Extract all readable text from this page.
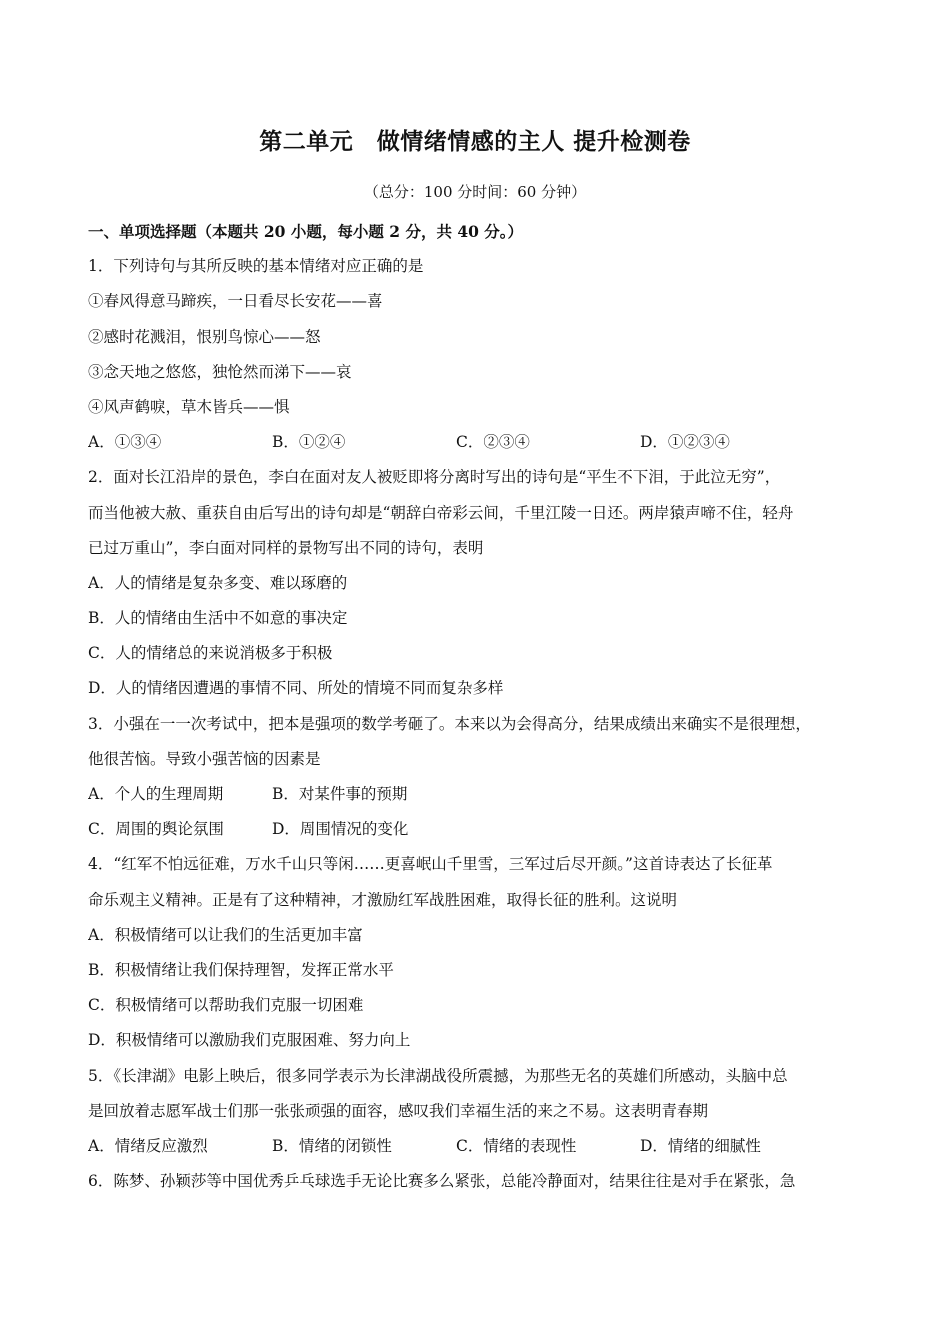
第二单元　做情绪情感的主人 提升检测卷
（总分：100 分时间：60 分钟）
一、单项选择题（本题共 20 小题，每小题 2 分，共 40 分。）
1．下列诗句与其所反映的基本情绪对应正确的是
①春风得意马蹄疾，一日看尽长安花——喜
②感时花溅泪，恨别鸟惊心——怒
③念天地之悠悠，独怆然而涕下——哀
④风声鹤唳，草木皆兵——惧
A．①③④	B．①②④	C．②③④	D．①②③④
2．面对长江沿岸的景色，李白在面对友人被贬即将分离时写出的诗句是“平生不下泪，于此泣无穷”，
而当他被大赦、重获自由后写出的诗句却是“朝辞白帝彩云间，千里江陵一日还。两岸猿声啼不住，轻舟
已过万重山”，李白面对同样的景物写出不同的诗句，表明
A．人的情绪是复杂多变、难以琢磨的
B．人的情绪由生活中不如意的事决定
C．人的情绪总的来说消极多于积极
D．人的情绪因遭遇的事情不同、所处的情境不同而复杂多样
3．小强在一一次考试中，把本是强项的数学考砸了。本来以为会得高分，结果成绩出来确实不是很理想，
他很苦恼。导致小强苦恼的因素是
A．个人的生理周期	B．对某件事的预期
C．周围的舆论氛围	D．周围情况的变化
4．“红军不怕远征难，万水千山只等闲……更喜岷山千里雪，三军过后尽开颜。”这首诗表达了长征革
命乐观主义精神。正是有了这种精神，才激励红军战胜困难，取得长征的胜利。这说明
A．积极情绪可以让我们的生活更加丰富
B．积极情绪让我们保持理智，发挥正常水平
C．积极情绪可以帮助我们克服一切困难
D．积极情绪可以激励我们克服困难、努力向上
5．《长津湖》电影上映后，很多同学表示为长津湖战役所震撼，为那些无名的英雄们所感动，头脑中总
是回放着志愿军战士们那一张张顽强的面容，感叹我们幸福生活的来之不易。这表明青春期
A．情绪反应激烈	B．情绪的闭锁性	C．情绪的表现性	D．情绪的细腻性
6．陈梦、孙颖莎等中国优秀乒乓球选手无论比赛多么紧张，总能冷静面对，结果往往是对手在紧张，急
